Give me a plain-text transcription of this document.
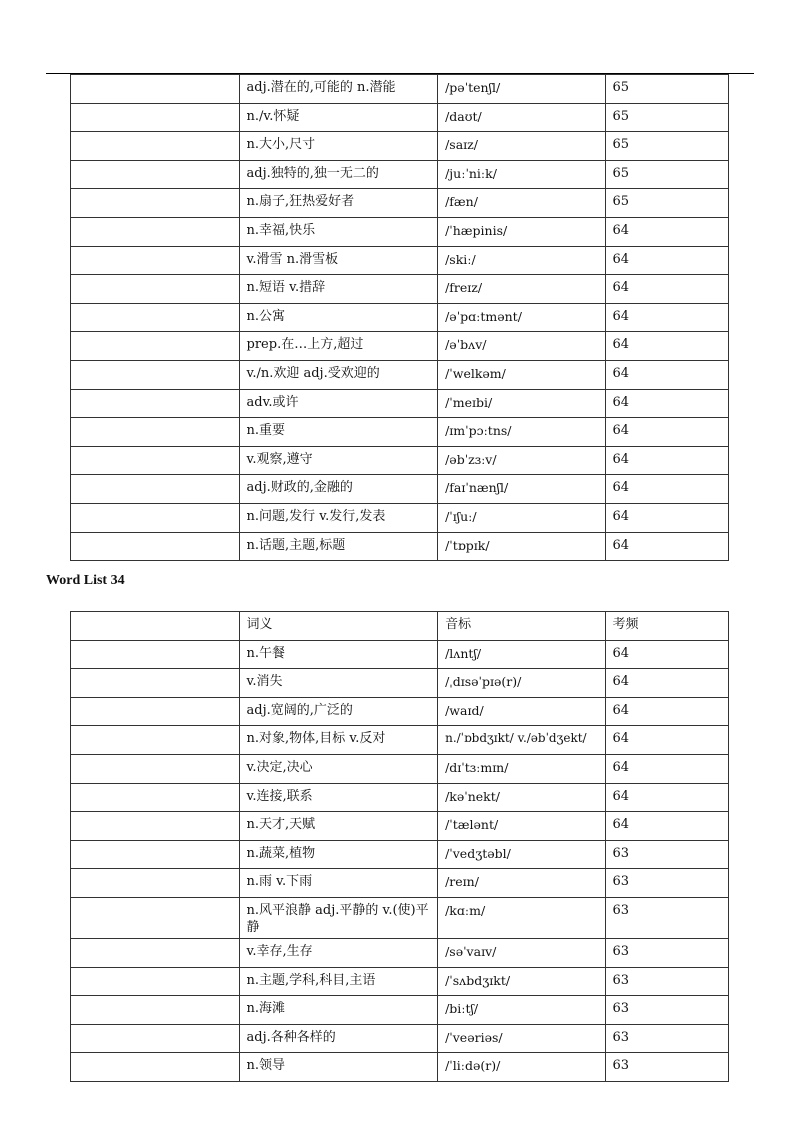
	adj.潜在的,可能的 n.潜能	/pəˈtenʃl/	65
	n./v.怀疑	/daʊt/	65
	n.大小,尺寸	/saɪz/	65
	adj.独特的,独一无二的	/juːˈniːk/	65
	n.扇子,狂热爱好者	/fæn/	65
	n.幸福,快乐	/ˈhæpinis/	64
	v.滑雪 n.滑雪板	/skiː/	64
	n.短语 v.措辞	/freɪz/	64
	n.公寓	/əˈpɑːtmənt/	64
	prep.在…上方,超过	/əˈbʌv/	64
	v./n.欢迎 adj.受欢迎的	/ˈwelkəm/	64
	adv.或许	/ˈmeɪbi/	64
	n.重要	/ɪmˈpɔːtns/	64
	v.观察,遵守	/əbˈzɜːv/	64
	adj.财政的,金融的	/faɪˈnænʃl/	64
	n.问题,发行 v.发行,发表	/ˈɪʃuː/	64
	n.话题,主题,标题	/ˈtɒpɪk/	64
Word List 34
	词义	音标	考频
	n.午餐	/lʌntʃ/	64
	v.消失	/ˌdɪsəˈpɪə(r)/	64
	adj.宽阔的,广泛的	/waɪd/	64
	n.对象,物体,目标 v.反对	n./ˈɒbdʒɪkt/ v./əbˈdʒekt/	64
	v.决定,决心	/dɪˈtɜːmɪn/	64
	v.连接,联系	/kəˈnekt/	64
	n.天才,天赋	/ˈtælənt/	64
	n.蔬菜,植物	/ˈvedʒtəbl/	63
	n.雨 v.下雨	/reɪn/	63
	n.风平浪静 adj.平静的 v.(使)平静	/kɑːm/	63
	v.幸存,生存	/səˈvaɪv/	63
	n.主题,学科,科目,主语	/ˈsʌbdʒɪkt/	63
	n.海滩	/biːtʃ/	63
	adj.各种各样的	/ˈveəriəs/	63
	n.领导	/ˈliːdə(r)/	63
